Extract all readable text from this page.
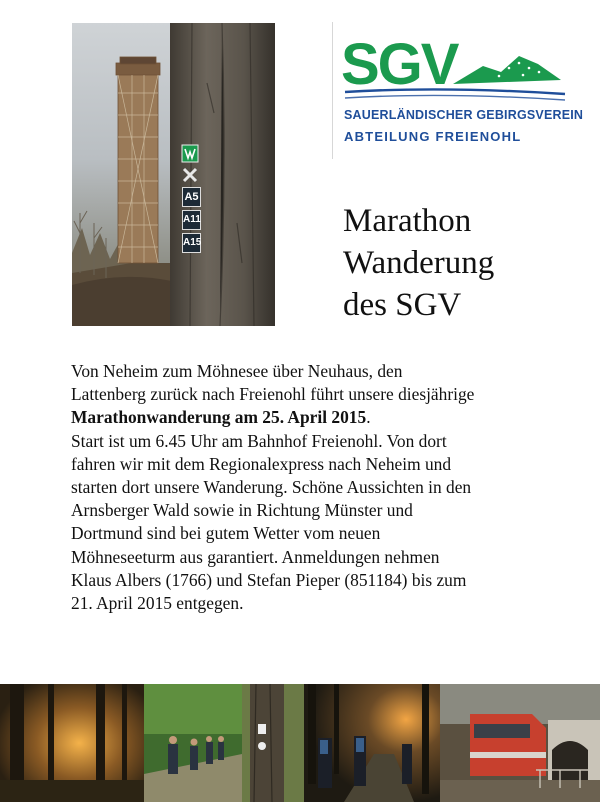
A5
A11
A15
SGV
SAUERLÄNDISCHER GEBIRGSVEREIN
ABTEILUNG FREIENOHL
Marathon
Wanderung
des SGV

Von Neheim zum Möhnesee über Neuhaus, den
Lattenberg zurück nach Freienohl führt unsere diesjährige
Marathonwanderung am 25. April 2015.
Start ist um 6.45 Uhr am Bahnhof Freienohl. Von dort
fahren wir mit dem Regionalexpress nach Neheim und
starten dort unsere Wanderung. Schöne Aussichten in den
Arnsberger Wald sowie in Richtung Münster und
Dortmund sind bei gutem Wetter vom neuen
Möhneseeturm aus garantiert. Anmeldungen nehmen
Klaus Albers (1766) und Stefan Pieper (851184) bis zum
21. April 2015 entgegen.
